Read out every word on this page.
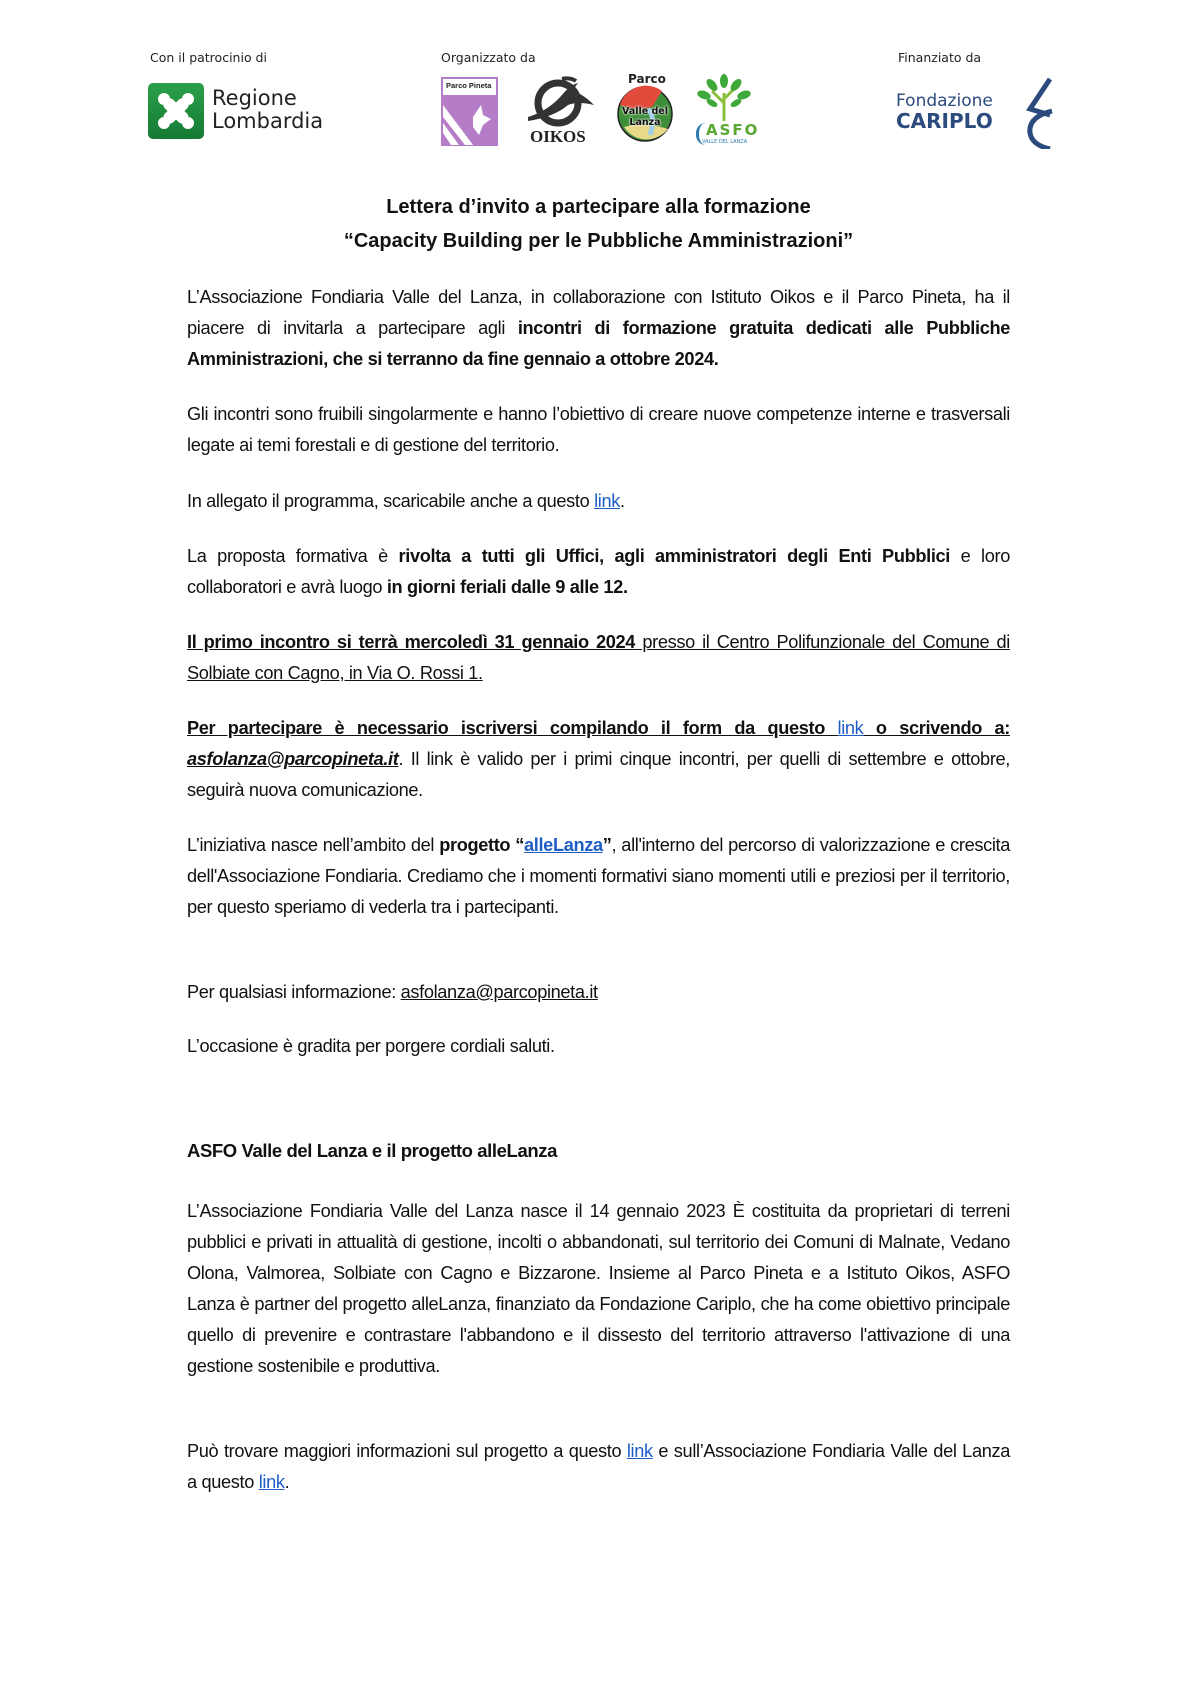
Con il patrocinio di	Organizzato da	Finanziato da
Regione
Lombardia
Parco Pineta
OIKOS
Parco
Valle del Lanza	ASFO
VALLE DEL LANZA
Fondazione
CARIPLO
Lettera d’invito a partecipare alla formazione
“Capacity Building per le Pubbliche Amministrazioni”

L’Associazione Fondiaria Valle del Lanza, in collaborazione con Istituto Oikos e il Parco Pineta, ha il piacere di invitarla a partecipare agli incontri di formazione gratuita dedicati alle Pubbliche Amministrazioni, che si terranno da fine gennaio a ottobre 2024.

Gli incontri sono fruibili singolarmente e hanno l’obiettivo di creare nuove competenze interne e trasversali legate ai temi forestali e di gestione del territorio.

In allegato il programma, scaricabile anche a questo link.

La proposta formativa è rivolta a tutti gli Uffici, agli amministratori degli Enti Pubblici e loro collaboratori e avrà luogo in giorni feriali dalle 9 alle 12.

Il primo incontro si terrà mercoledì 31 gennaio 2024 presso il Centro Polifunzionale del Comune di Solbiate con Cagno, in Via O. Rossi 1.

Per partecipare è necessario iscriversi compilando il form da questo link o scrivendo a: asfolanza@parcopineta.it. Il link è valido per i primi cinque incontri, per quelli di settembre e ottobre, seguirà nuova comunicazione.

L’iniziativa nasce nell’ambito del progetto “alleLanza”, all'interno del percorso di valorizzazione e crescita dell'Associazione Fondiaria. Crediamo che i momenti formativi siano momenti utili e preziosi per il territorio, per questo speriamo di vederla tra i partecipanti.

Per qualsiasi informazione: asfolanza@parcopineta.it

L’occasione è gradita per porgere cordiali saluti.

ASFO Valle del Lanza e il progetto alleLanza

L’Associazione Fondiaria Valle del Lanza nasce il 14 gennaio 2023 È costituita da proprietari di terreni pubblici e privati in attualità di gestione, incolti o abbandonati, sul territorio dei Comuni di Malnate, Vedano Olona, Valmorea, Solbiate con Cagno e Bizzarone. Insieme al Parco Pineta e a Istituto Oikos, ASFO Lanza è partner del progetto alleLanza, finanziato da Fondazione Cariplo, che ha come obiettivo principale quello di prevenire e contrastare l'abbandono e il dissesto del territorio attraverso l'attivazione di una gestione sostenibile e produttiva.

Può trovare maggiori informazioni sul progetto a questo link e sull’Associazione Fondiaria Valle del Lanza a questo link.
